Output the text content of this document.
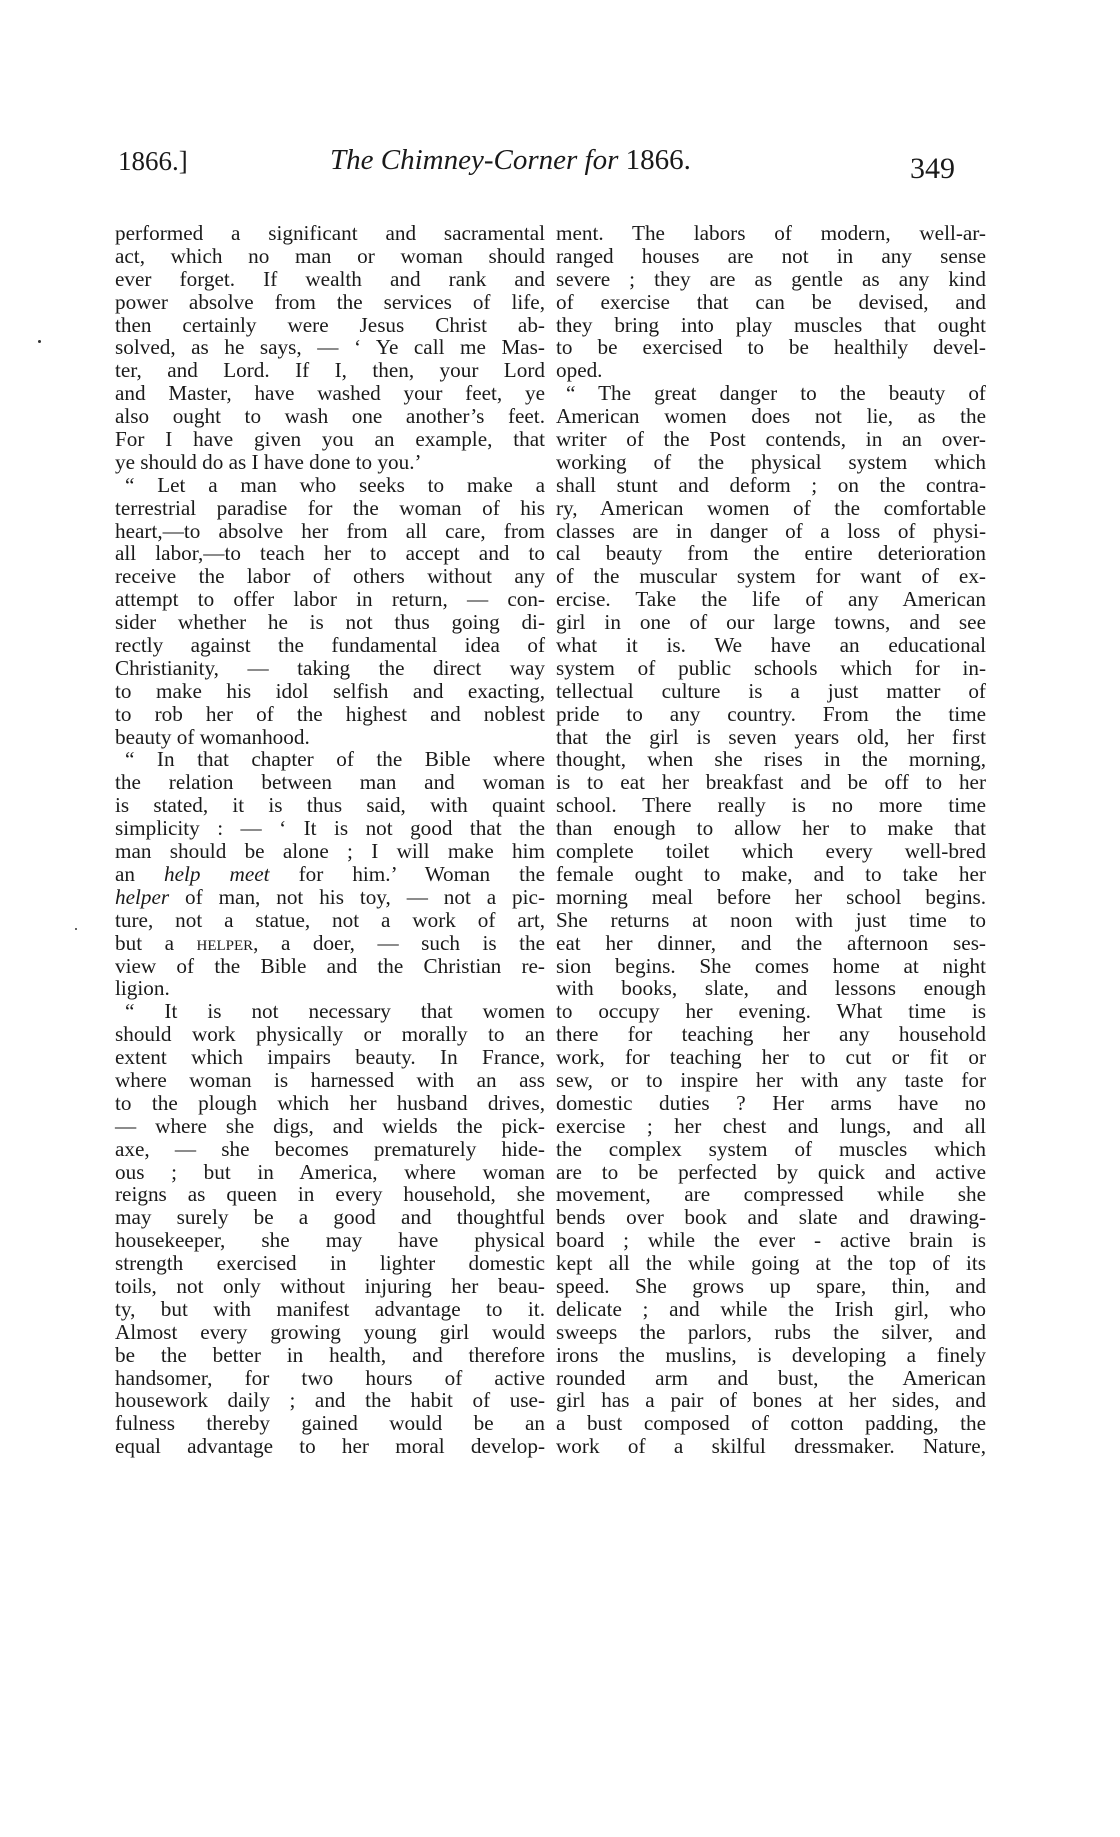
1866.]	The Chimney-Corner for 1866.	349
performed a significant and sacramental
act, which no man or woman should
ever forget. If wealth and rank and
power absolve from the services of life,
then certainly were Jesus Christ ab-
solved, as he says, — ‘ Ye call me Mas-
ter, and Lord. If I, then, your Lord
and Master, have washed your feet, ye
also ought to wash one another’s feet.
For I have given you an example, that
ye should do as I have done to you.’
“ Let a man who seeks to make a
terrestrial paradise for the woman of his
heart,—to absolve her from all care, from
all labor,—to teach her to accept and to
receive the labor of others without any
attempt to offer labor in return, — con-
sider whether he is not thus going di-
rectly against the fundamental idea of
Christianity, — taking the direct way
to make his idol selfish and exacting,
to rob her of the highest and noblest
beauty of womanhood.
“ In that chapter of the Bible where
the relation between man and woman
is stated, it is thus said, with quaint
simplicity : — ‘ It is not good that the
man should be alone ; I will make him
an help meet for him.’ Woman the
helper of man, not his toy, — not a pic-
ture, not a statue, not a work of art,
but a helper, a doer, — such is the
view of the Bible and the Christian re-
ligion.
“ It is not necessary that women
should work physically or morally to an
extent which impairs beauty. In France,
where woman is harnessed with an ass
to the plough which her husband drives,
— where she digs, and wields the pick-
axe, — she becomes prematurely hide-
ous ; but in America, where woman
reigns as queen in every household, she
may surely be a good and thoughtful
housekeeper, she may have physical
strength exercised in lighter domestic
toils, not only without injuring her beau-
ty, but with manifest advantage to it.
Almost every growing young girl would
be the better in health, and therefore
handsomer, for two hours of active
housework daily ; and the habit of use-
fulness thereby gained would be an
equal advantage to her moral develop-
ment. The labors of modern, well-ar-
ranged houses are not in any sense
severe ; they are as gentle as any kind
of exercise that can be devised, and
they bring into play muscles that ought
to be exercised to be healthily devel-
oped.
“ The great danger to the beauty of
American women does not lie, as the
writer of the Post contends, in an over-
working of the physical system which
shall stunt and deform ; on the contra-
ry, American women of the comfortable
classes are in danger of a loss of physi-
cal beauty from the entire deterioration
of the muscular system for want of ex-
ercise. Take the life of any American
girl in one of our large towns, and see
what it is. We have an educational
system of public schools which for in-
tellectual culture is a just matter of
pride to any country. From the time
that the girl is seven years old, her first
thought, when she rises in the morning,
is to eat her breakfast and be off to her
school. There really is no more time
than enough to allow her to make that
complete toilet which every well-bred
female ought to make, and to take her
morning meal before her school begins.
She returns at noon with just time to
eat her dinner, and the afternoon ses-
sion begins. She comes home at night
with books, slate, and lessons enough
to occupy her evening. What time is
there for teaching her any household
work, for teaching her to cut or fit or
sew, or to inspire her with any taste for
domestic duties ? Her arms have no
exercise ; her chest and lungs, and all
the complex system of muscles which
are to be perfected by quick and active
movement, are compressed while she
bends over book and slate and drawing-
board ; while the ever - active brain is
kept all the while going at the top of its
speed. She grows up spare, thin, and
delicate ; and while the Irish girl, who
sweeps the parlors, rubs the silver, and
irons the muslins, is developing a finely
rounded arm and bust, the American
girl has a pair of bones at her sides, and
a bust composed of cotton padding, the
work of a skilful dressmaker. Nature,
